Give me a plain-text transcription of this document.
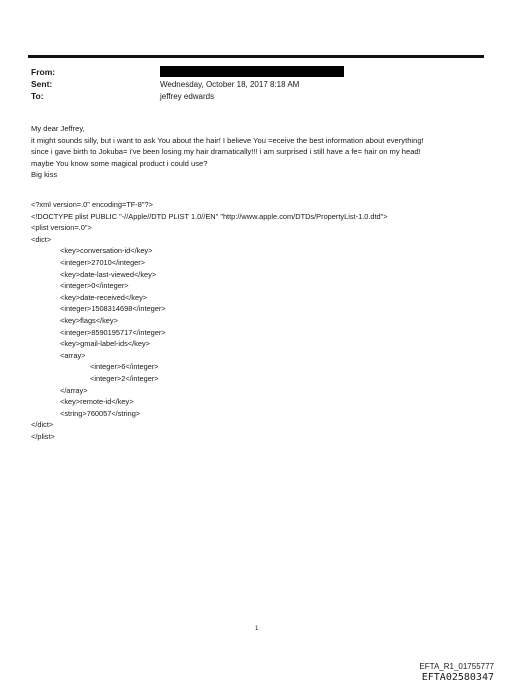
From:
Sent:	Wednesday, October 18, 2017 8:18 AM
To:	jeffrey edwards
My dear Jeffrey,
it might sounds silly, but i want to ask You about the hair! I believe You =eceive the best information about everything!
since i gave birth to Jokuba= i've been losing my hair dramatically!!! i am surprised i still have a fe= hair on my head!
maybe You know some magical product i could use?
Big kiss
<?xml version=.0" encoding=TF-8"?>
<!DOCTYPE plist PUBLIC "-//Apple//DTD PLIST 1.0//EN" "http://www.apple.com/DTDs/PropertyList-1.0.dtd">
<plist version=.0">
<dict>
<key>conversation-id</key>
<integer>27010</integer>
<key>date-last-viewed</key>
<integer>0</integer>
<key>date-received</key>
<integer>1508314698</integer>
<key>flags</key>
<integer>8590195717</integer>
<key>gmail-label-ids</key>
<array>
<integer>6</integer>
<integer>2</integer>
</array>
<key>remote-id</key>
<string>760057</string>
</dict>
</plist>
1
EFTA_R1_01755777
EFTA02580347
